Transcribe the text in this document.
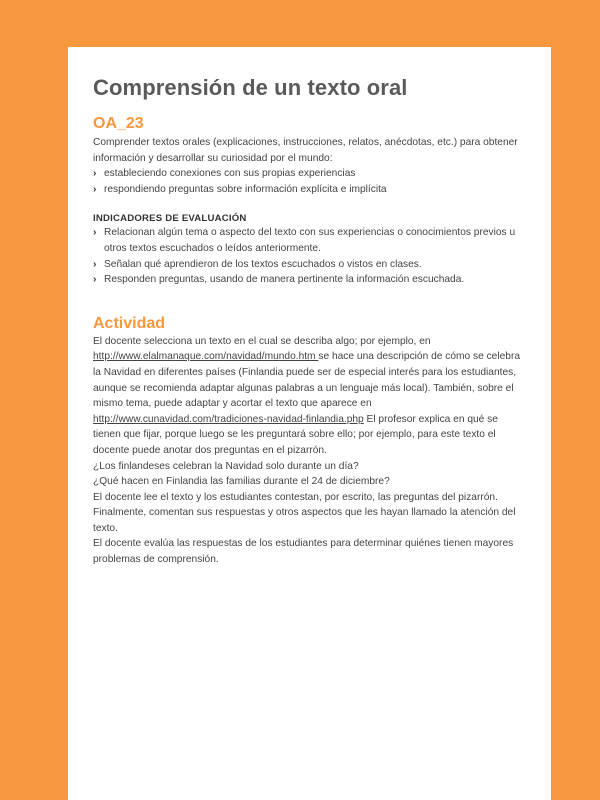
Comprensión de un texto oral
OA_23

Comprender textos orales (explicaciones, instrucciones, relatos, anécdotas, etc.) para obtener información y desarrollar su curiosidad por el mundo:

› estableciendo conexiones con sus propias experiencias
› respondiendo preguntas sobre información explícita e implícita
INDICADORES DE EVALUACIÓN
› Relacionan algún tema o aspecto del texto con sus experiencias o conocimientos previos u otros textos escuchados o leídos anteriormente.
› Señalan qué aprendieron de los textos escuchados o vistos en clases.
› Responden preguntas, usando de manera pertinente la información escuchada.
Actividad

El docente selecciona un texto en el cual se describa algo; por ejemplo, en http://www.elalmanaque.com/navidad/mundo.htm se hace una descripción de cómo se celebra la Navidad en diferentes países (Finlandia puede ser de especial interés para los estudiantes, aunque se recomienda adaptar algunas palabras a un lenguaje más local). También, sobre el mismo tema, puede adaptar y acortar el texto que aparece en http://www.cunavidad.com/tradiciones-navidad-finlandia.php El profesor explica en qué se tienen que fijar, porque luego se les preguntará sobre ello; por ejemplo, para este texto el docente puede anotar dos preguntas en el pizarrón.

¿Los finlandeses celebran la Navidad solo durante un día?

¿Qué hacen en Finlandia las familias durante el 24 de diciembre?

El docente lee el texto y los estudiantes contestan, por escrito, las preguntas del pizarrón. Finalmente, comentan sus respuestas y otros aspectos que les hayan llamado la atención del texto.

El docente evalúa las respuestas de los estudiantes para determinar quiénes tienen mayores problemas de comprensión.
